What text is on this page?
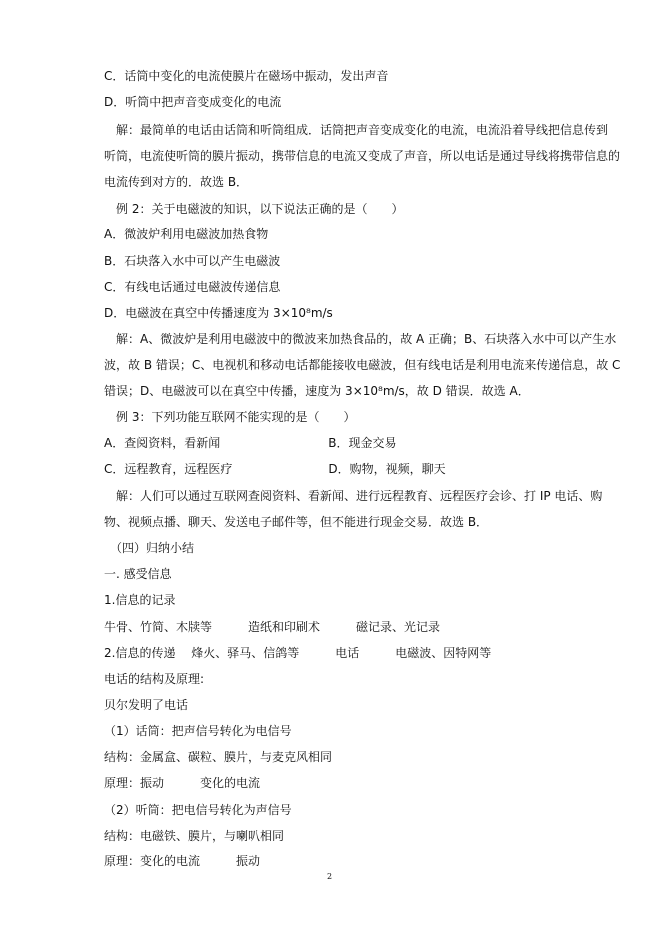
C．话筒中变化的电流使膜片在磁场中振动，发出声音
D．听筒中把声音变成变化的电流
　解：最简单的电话由话筒和听筒组成．话筒把声音变成变化的电流，电流沿着导线把信息传到
听筒，电流使听筒的膜片振动，携带信息的电流又变成了声音，所以电话是通过导线将携带信息的
电流传到对方的．故选 B．
　例 2：关于电磁波的知识，以下说法正确的是（　　）
A．微波炉利用电磁波加热食物
B．石块落入水中可以产生电磁波
C．有线电话通过电磁波传递信息
D．电磁波在真空中传播速度为 3×10⁸m/s
　解：A、微波炉是利用电磁波中的微波来加热食品的，故 A 正确；B、石块落入水中可以产生水
波，故 B 错误；C、电视机和移动电话都能接收电磁波，但有线电话是利用电流来传递信息，故 C
错误；D、电磁波可以在真空中传播，速度为 3×10⁸m/s，故 D 错误．故选 A．
　例 3：下列功能互联网不能实现的是（　　）
A．查阅资料，看新闻　　　　　　　　　B．现金交易
C．远程教育，远程医疗　　　　　　　　D．购物，视频，聊天
　解：人们可以通过互联网查阅资料、看新闻、进行远程教育、远程医疗会诊、打 IP 电话、购
物、视频点播、聊天、发送电子邮件等，但不能进行现金交易．故选 B．
　（四）归纳小结
一. 感受信息
1.信息的记录
牛骨、竹简、木牍等　　　造纸和印刷术　　　磁记录、光记录
2.信息的传递　 烽火、驿马、信鸽等　　　电话　　　电磁波、因特网等
电话的结构及原理:
贝尔发明了电话
（1）话筒：把声信号转化为电信号
结构：金属盒、碳粒、膜片，与麦克风相同
原理：振动　　　变化的电流
（2）听筒：把电信号转化为声信号
结构：电磁铁、膜片，与喇叭相同
原理：变化的电流　　　振动
2
